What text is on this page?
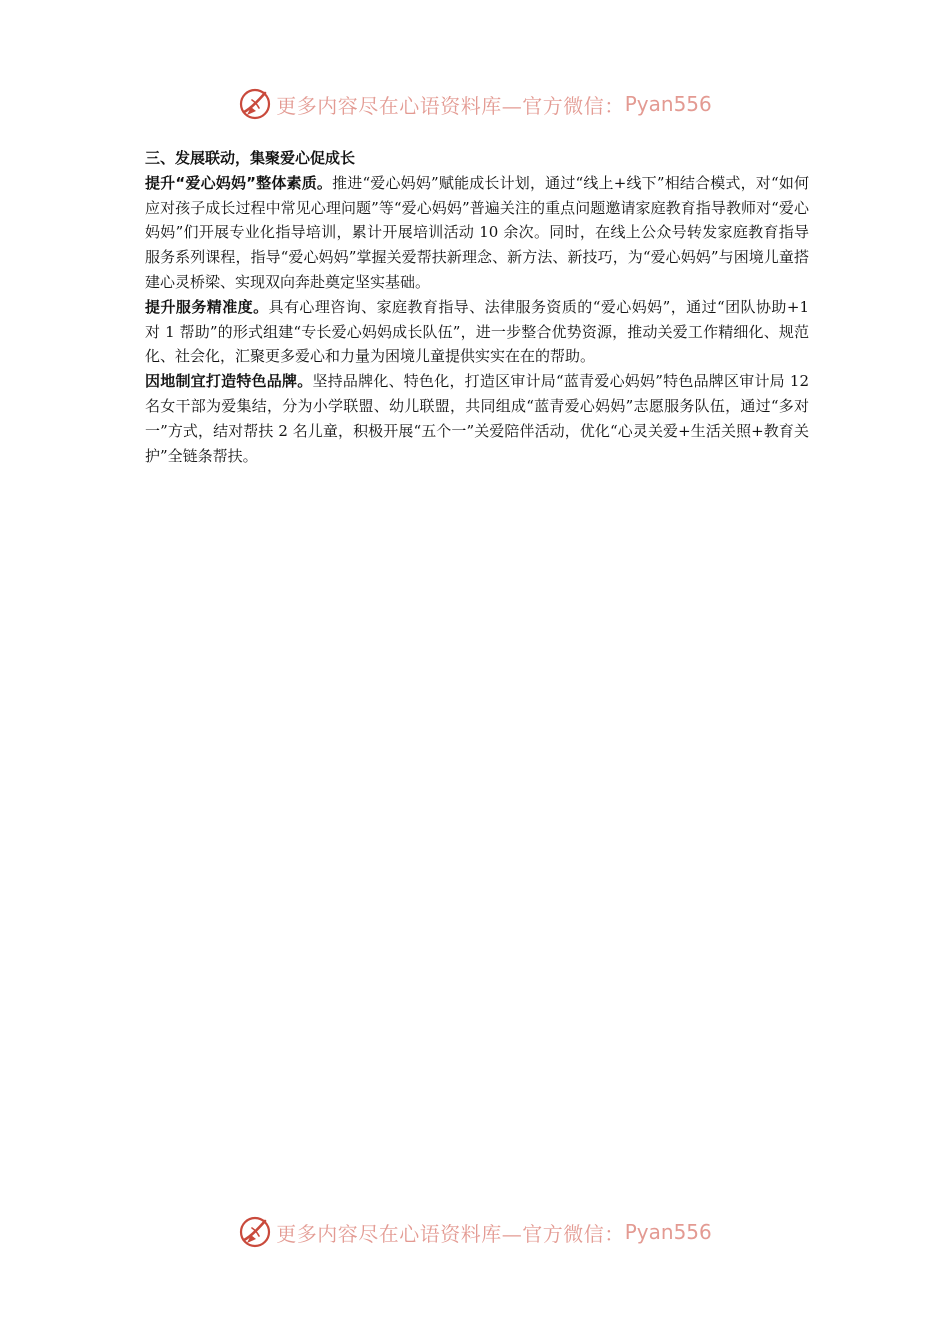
更多内容尽在心语资料库—官方微信： Pyan556

三、发展联动，集聚爱心促成长

提升“爱心妈妈”整体素质。推进“爱心妈妈”赋能成长计划，通过“线上+线下”相结合模式，对“如何应对孩子成长过程中常见心理问题”等“爱心妈妈”普遍关注的重点问题邀请家庭教育指导教师对“爱心妈妈”们开展专业化指导培训，累计开展培训活动 10 余次。同时，在线上公众号转发家庭教育指导服务系列课程，指导“爱心妈妈”掌握关爱帮扶新理念、新方法、新技巧，为“爱心妈妈”与困境儿童搭建心灵桥梁、实现双向奔赴奠定坚实基础。

提升服务精准度。具有心理咨询、家庭教育指导、法律服务资质的“爱心妈妈”，通过“团队协助+1 对 1 帮助”的形式组建“专长爱心妈妈成长队伍”，进一步整合优势资源，推动关爱工作精细化、规范化、社会化，汇聚更多爱心和力量为困境儿童提供实实在在的帮助。

因地制宜打造特色品牌。坚持品牌化、特色化，打造区审计局“蓝青爱心妈妈”特色品牌区审计局 12 名女干部为爱集结，分为小学联盟、幼儿联盟，共同组成“蓝青爱心妈妈”志愿服务队伍，通过“多对一”方式，结对帮扶 2 名儿童，积极开展“五个一”关爱陪伴活动，优化“心灵关爱+生活关照+教育关护”全链条帮扶。

更多内容尽在心语资料库—官方微信： Pyan556
